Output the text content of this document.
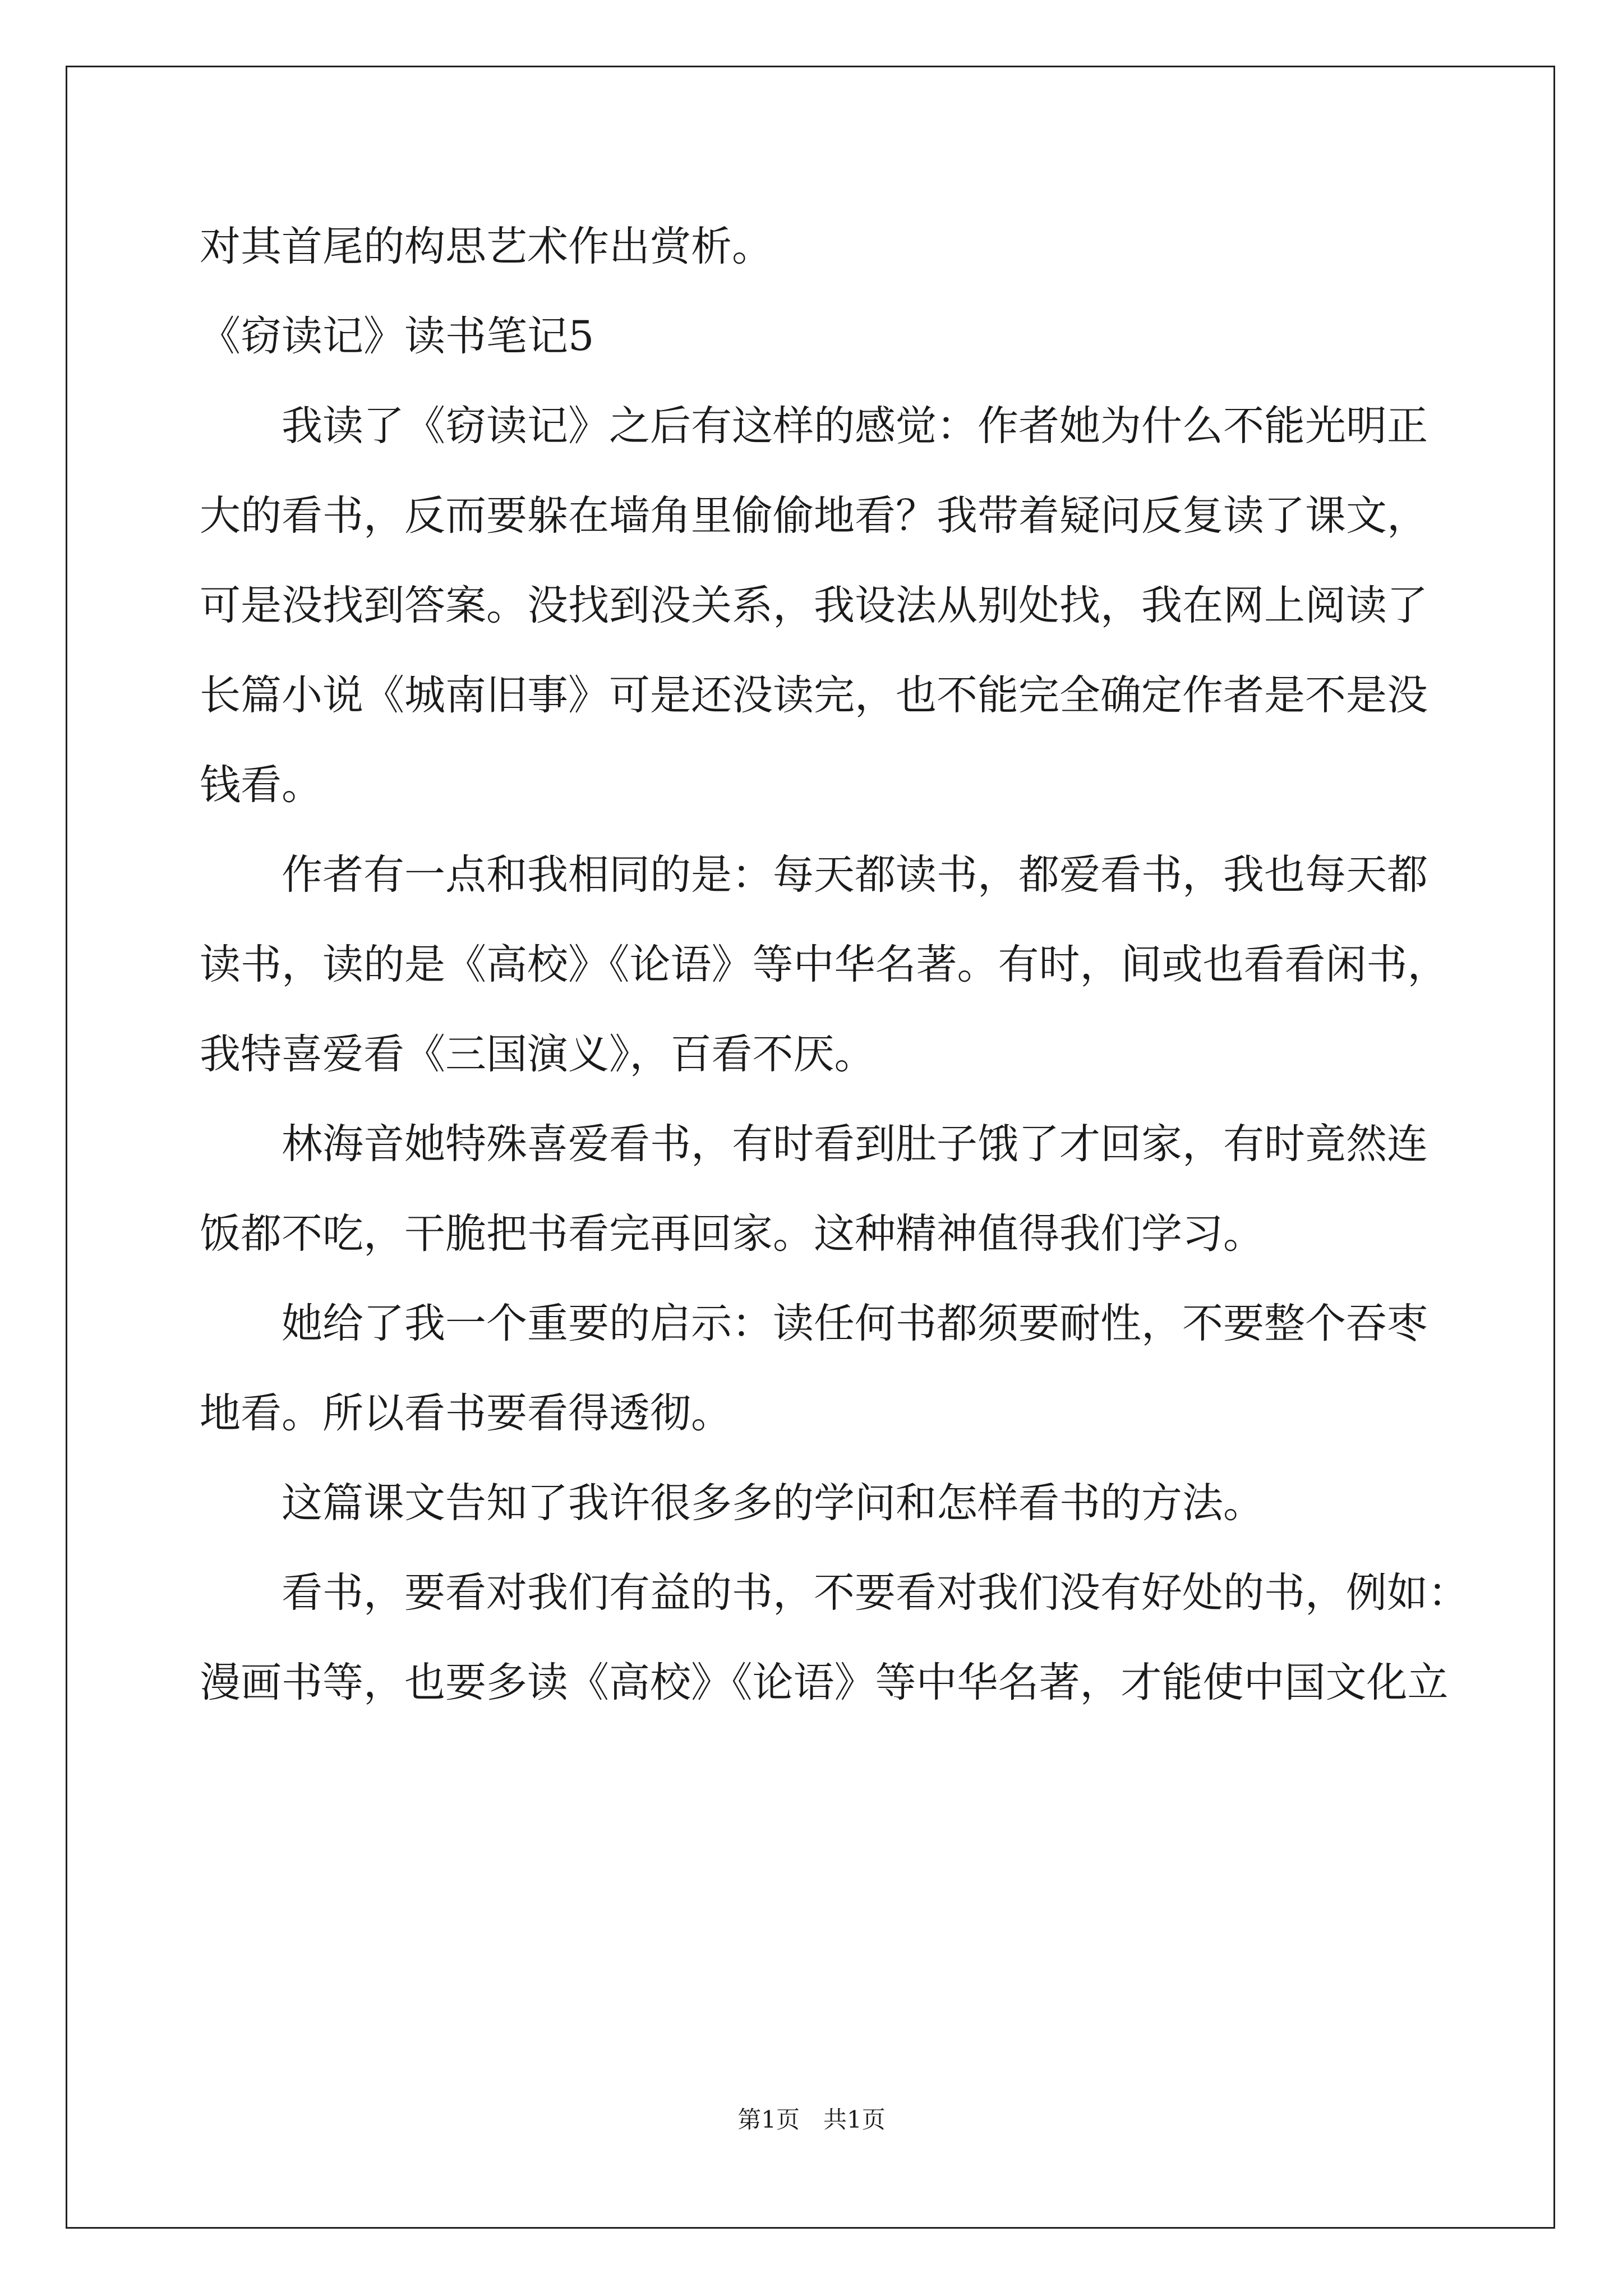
对其首尾的构思艺术作出赏析。
《窃读记》读书笔记5
我读了《窃读记》之后有这样的感觉：作者她为什么不能光明正
大的看书，反而要躲在墙角里偷偷地看？我带着疑问反复读了课文，
可是没找到答案。没找到没关系，我设法从别处找，我在网上阅读了
长篇小说《城南旧事》可是还没读完，也不能完全确定作者是不是没
钱看。
作者有一点和我相同的是：每天都读书，都爱看书，我也每天都
读书，读的是《高校》《论语》等中华名著。有时，间或也看看闲书，
我特喜爱看《三国演义》，百看不厌。
林海音她特殊喜爱看书，有时看到肚子饿了才回家，有时竟然连
饭都不吃，干脆把书看完再回家。这种精神值得我们学习。
她给了我一个重要的启示：读任何书都须要耐性，不要整个吞枣
地看。所以看书要看得透彻。
这篇课文告知了我许很多多的学问和怎样看书的方法。
看书，要看对我们有益的书，不要看对我们没有好处的书，例如：
漫画书等，也要多读《高校》《论语》等中华名著，才能使中国文化立
第1页　共1页
